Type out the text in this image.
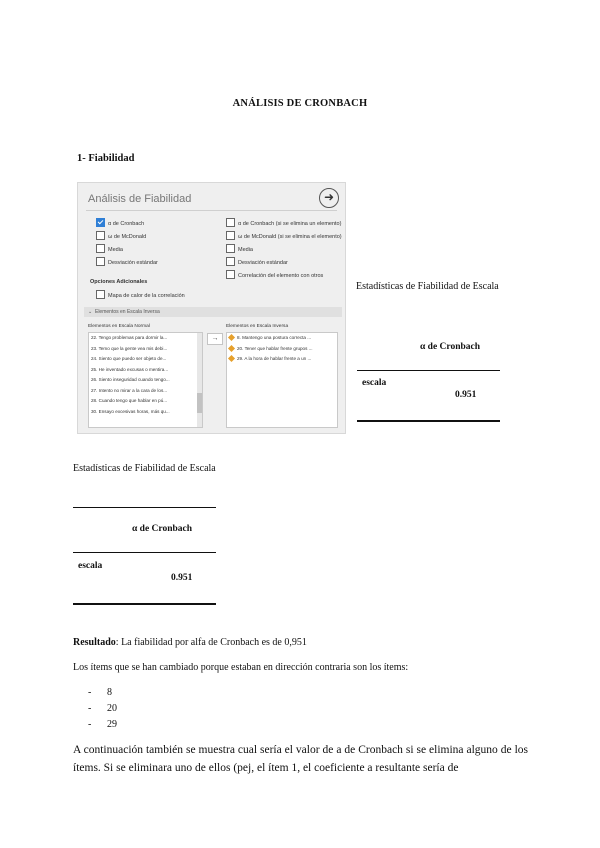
ANÁLISIS DE CRONBACH
1- Fiabilidad
Análisis de Fiabilidad	➜
α de Cronbach
ω de McDonald
Media
Desviación estándar
α de Cronbach (si se elimina un elemento)
ω de McDonald (si se elimina el elemento)
Media
Desviación estándar
Correlación del elemento con otros
Opciones Adicionales
Mapa de calor de la correlación
⌄ Elementos en Escala Inversa
Elementos en Escala Normal	Elementos en Escala Inversa
22. Tengo problemas para dormir la...
23. Temo que la gente vea mis debi...
24. Siento que puedo ser objeto de...
25. He inventado excusas o mentira...
26. Siento inseguridad cuando tengo...
27. Intento no mirar a la cara de los...
28. Cuando tengo que hablar en pú...
30. Ensayo excesivas horas, más qu...
→	8. Mantengo una postura correcta ...
20. Tener que hablar frente grupos ...
29. A la hora de hablar frente a un ...
Estadísticas de Fiabilidad de Escala
α de Cronbach
escala
0.951
Estadísticas de Fiabilidad de Escala
α de Cronbach
escala
0.951
Resultado: La fiabilidad por alfa de Cronbach es de 0,951
Los ítems que se han cambiado porque estaban en dirección contraria son los ítems:
- 8
- 20
- 29
A continuación también se muestra cual sería el valor de a de Cronbach si se elimina alguno de los ítems. Si se eliminara uno de ellos (pej, el ítem 1, el coeficiente a resultante sería de
